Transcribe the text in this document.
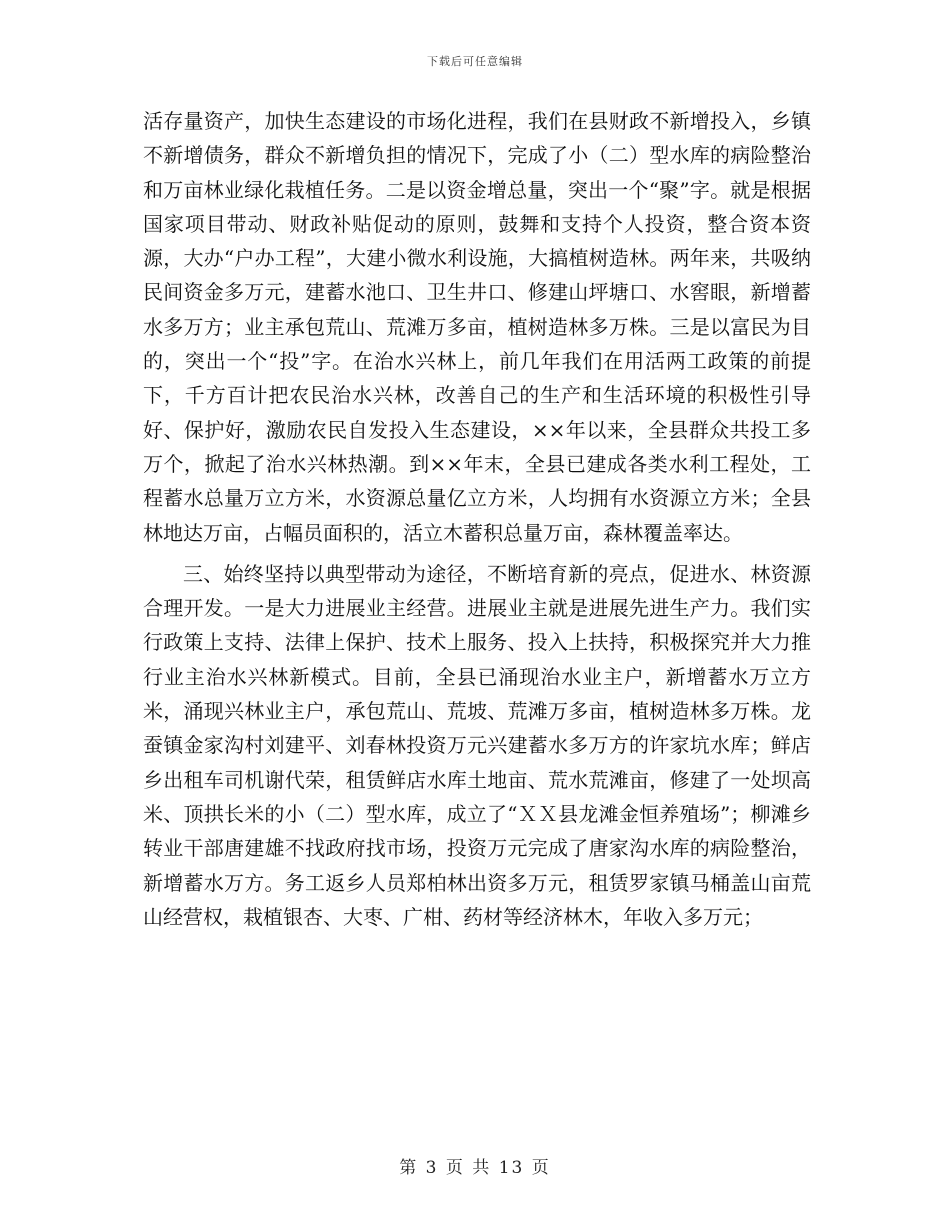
下载后可任意编辑

活存量资产，加快生态建设的市场化进程，我们在县财政不新增投入，乡镇不新增债务，群众不新增负担的情况下，完成了小（二）型水库的病险整治和万亩林业绿化栽植任务。二是以资金增总量，突出一个“聚”字。就是根据国家项目带动、财政补贴促动的原则，鼓舞和支持个人投资，整合资本资源，大办“户办工程”，大建小微水利设施，大搞植树造林。两年来，共吸纳民间资金多万元，建蓄水池口、卫生井口、修建山坪塘口、水窖眼，新增蓄水多万方；业主承包荒山、荒滩万多亩，植树造林多万株。三是以富民为目的，突出一个“投”字。在治水兴林上，前几年我们在用活两工政策的前提下，千方百计把农民治水兴林，改善自己的生产和生活环境的积极性引导好、保护好，激励农民自发投入生态建设，××年以来，全县群众共投工多万个，掀起了治水兴林热潮。到××年末，全县已建成各类水利工程处，工程蓄水总量万立方米，水资源总量亿立方米，人均拥有水资源立方米；全县林地达万亩，占幅员面积的，活立木蓄积总量万亩，森林覆盖率达。

三、始终坚持以典型带动为途径，不断培育新的亮点，促进水、林资源合理开发。一是大力进展业主经营。进展业主就是进展先进生产力。我们实行政策上支持、法律上保护、技术上服务、投入上扶持，积极探究并大力推行业主治水兴林新模式。目前，全县已涌现治水业主户，新增蓄水万立方米，涌现兴林业主户，承包荒山、荒坡、荒滩万多亩，植树造林多万株。龙蚕镇金家沟村刘建平、刘春林投资万元兴建蓄水多万方的许家坑水库；鲜店乡出租车司机谢代荣，租赁鲜店水库土地亩、荒水荒滩亩，修建了一处坝高米、顶拱长米的小（二）型水库，成立了“ＸＸ县龙滩金恒养殖场”；柳滩乡转业干部唐建雄不找政府找市场，投资万元完成了唐家沟水库的病险整治，新增蓄水万方。务工返乡人员郑柏林出资多万元，租赁罗家镇马桶盖山亩荒山经营权，栽植银杏、大枣、广柑、药材等经济林木，年收入多万元；

第 3 页 共 13 页
